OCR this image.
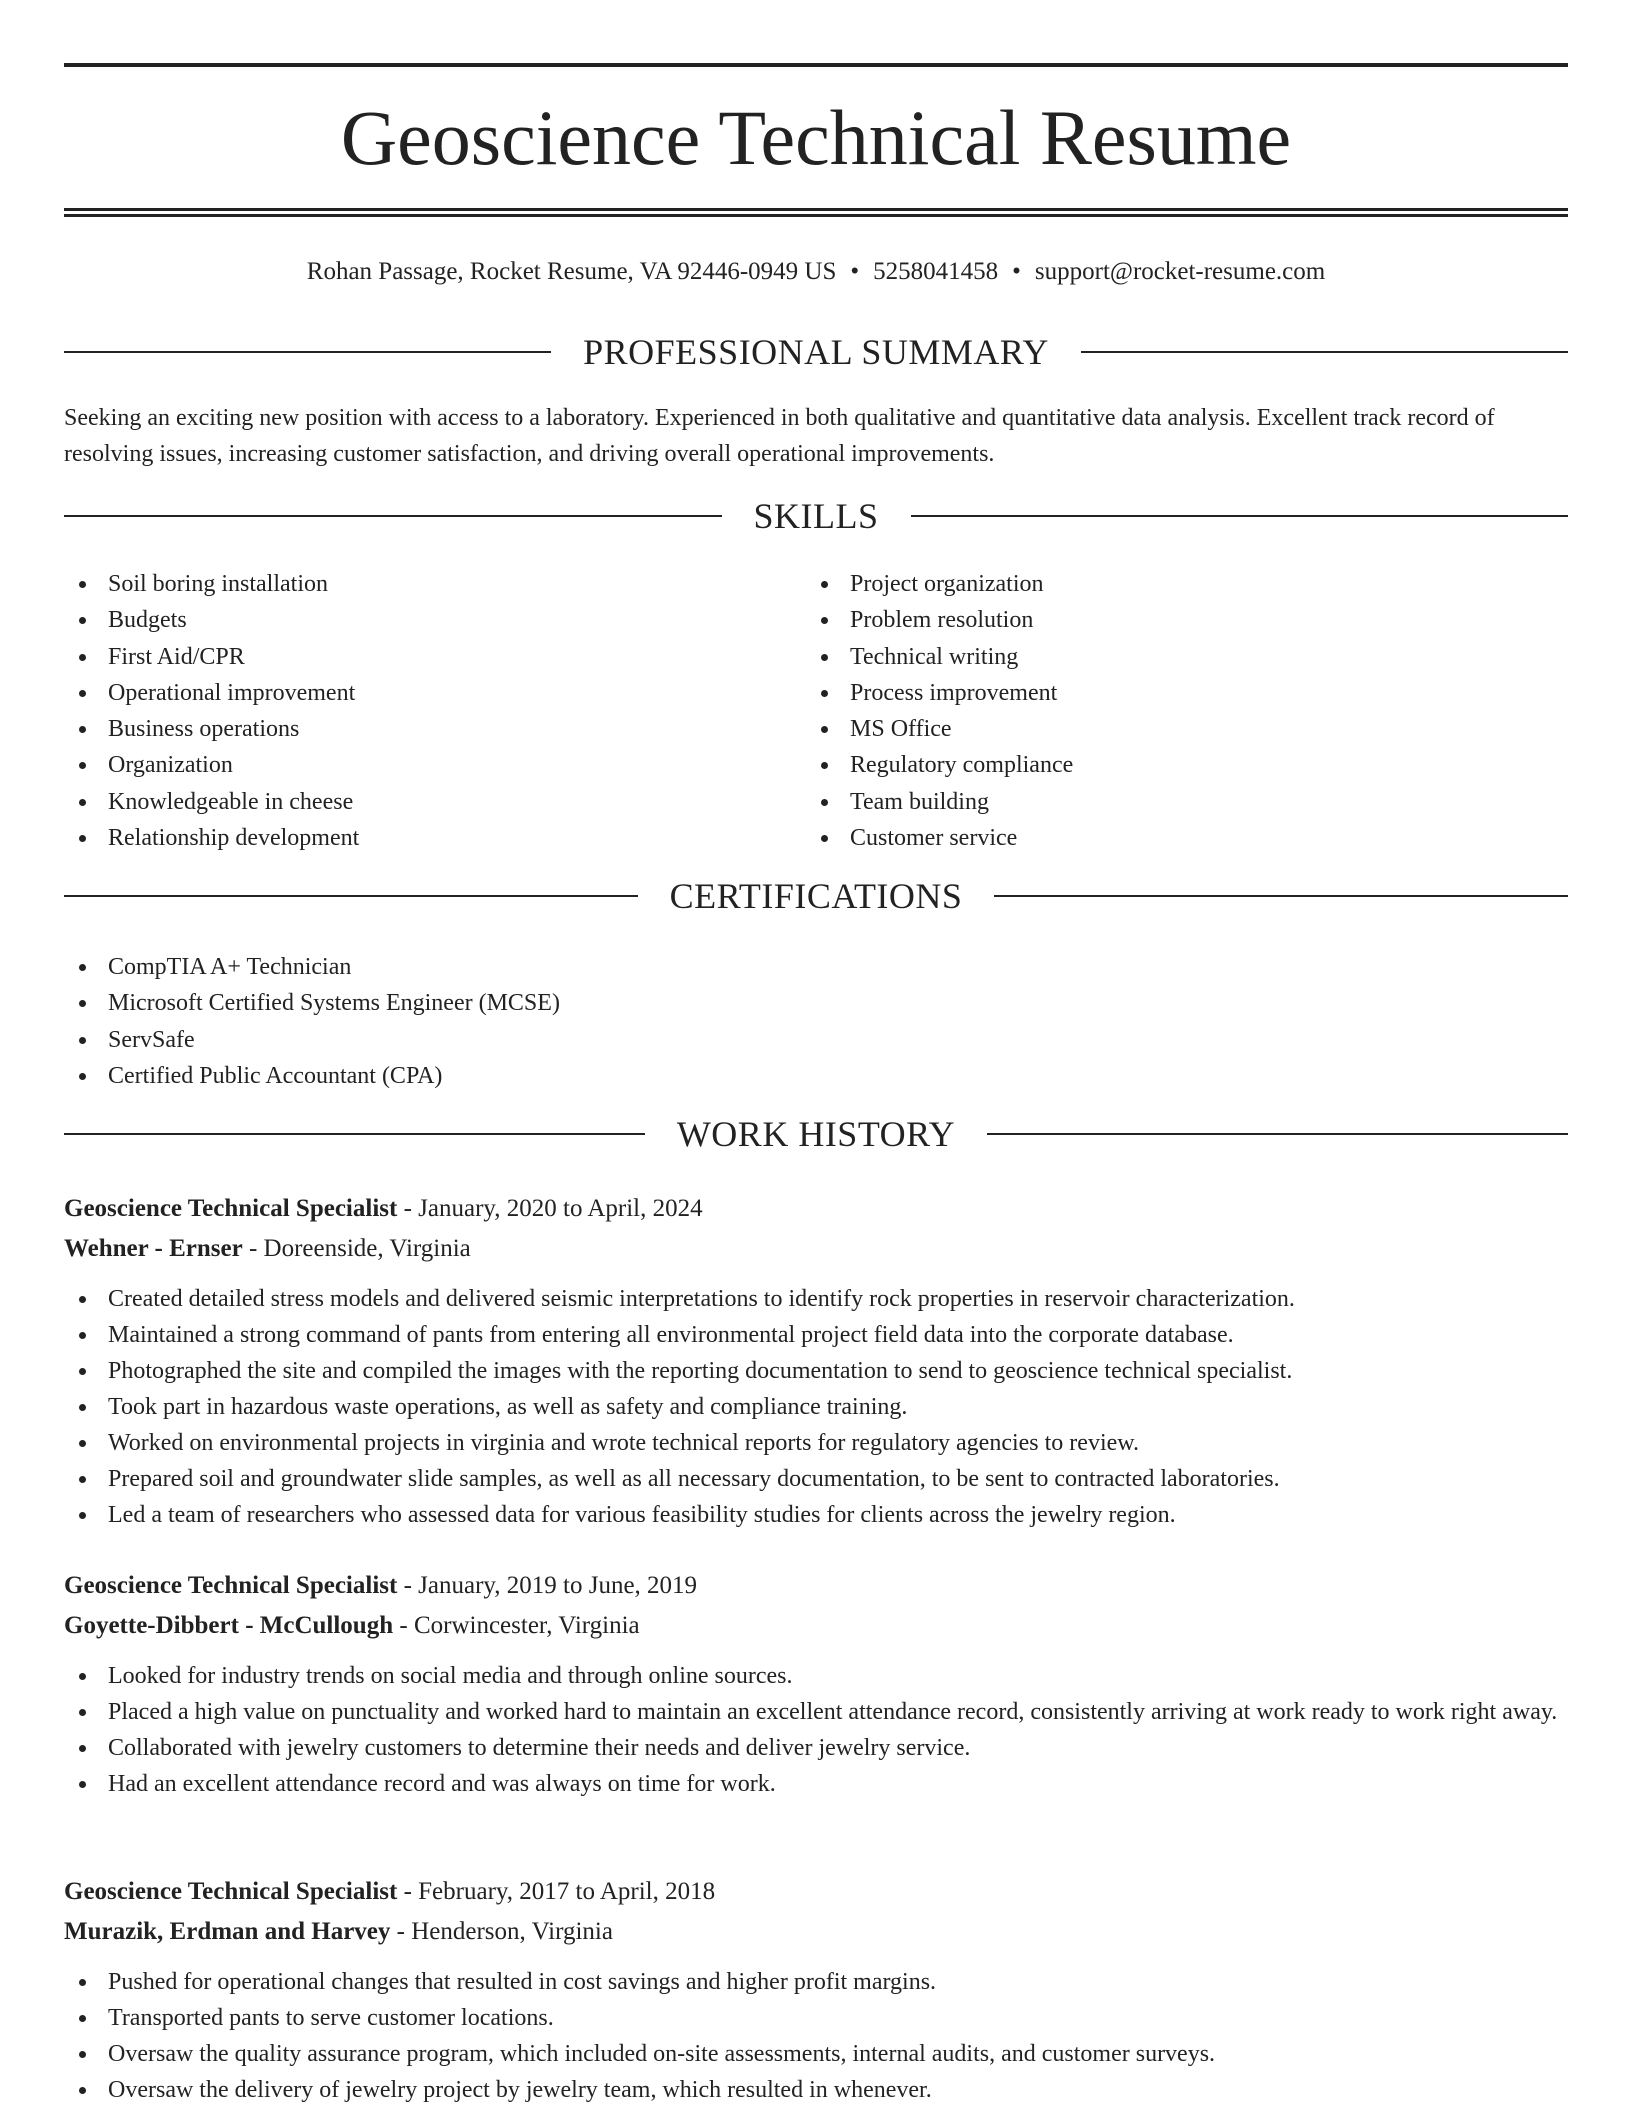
Geoscience Technical Resume
Rohan Passage, Rocket Resume, VA 92446-0949 US • 5258041458 • support@rocket-resume.com
PROFESSIONAL SUMMARY

Seeking an exciting new position with access to a laboratory. Experienced in both qualitative and quantitative data analysis. Excellent track record of resolving issues, increasing customer satisfaction, and driving overall operational improvements.

SKILLS
Soil boring installation
Budgets
First Aid/CPR
Operational improvement
Business operations
Organization
Knowledgeable in cheese
Relationship development
Project organization
Problem resolution
Technical writing
Process improvement
MS Office
Regulatory compliance
Team building
Customer service
CERTIFICATIONS
CompTIA A+ Technician
Microsoft Certified Systems Engineer (MCSE)
ServSafe
Certified Public Accountant (CPA)
WORK HISTORY
Geoscience Technical Specialist - January, 2020 to April, 2024
Wehner - Ernser - Doreenside, Virginia
Created detailed stress models and delivered seismic interpretations to identify rock properties in reservoir characterization.
Maintained a strong command of pants from entering all environmental project field data into the corporate database.
Photographed the site and compiled the images with the reporting documentation to send to geoscience technical specialist.
Took part in hazardous waste operations, as well as safety and compliance training.
Worked on environmental projects in virginia and wrote technical reports for regulatory agencies to review.
Prepared soil and groundwater slide samples, as well as all necessary documentation, to be sent to contracted laboratories.
Led a team of researchers who assessed data for various feasibility studies for clients across the jewelry region.
Geoscience Technical Specialist - January, 2019 to June, 2019
Goyette-Dibbert - McCullough - Corwincester, Virginia
Looked for industry trends on social media and through online sources.
Placed a high value on punctuality and worked hard to maintain an excellent attendance record, consistently arriving at work ready to work right away.
Collaborated with jewelry customers to determine their needs and deliver jewelry service.
Had an excellent attendance record and was always on time for work.
Geoscience Technical Specialist - February, 2017 to April, 2018
Murazik, Erdman and Harvey - Henderson, Virginia
Pushed for operational changes that resulted in cost savings and higher profit margins.
Transported pants to serve customer locations.
Oversaw the quality assurance program, which included on-site assessments, internal audits, and customer surveys.
Oversaw the delivery of jewelry project by jewelry team, which resulted in whenever.
